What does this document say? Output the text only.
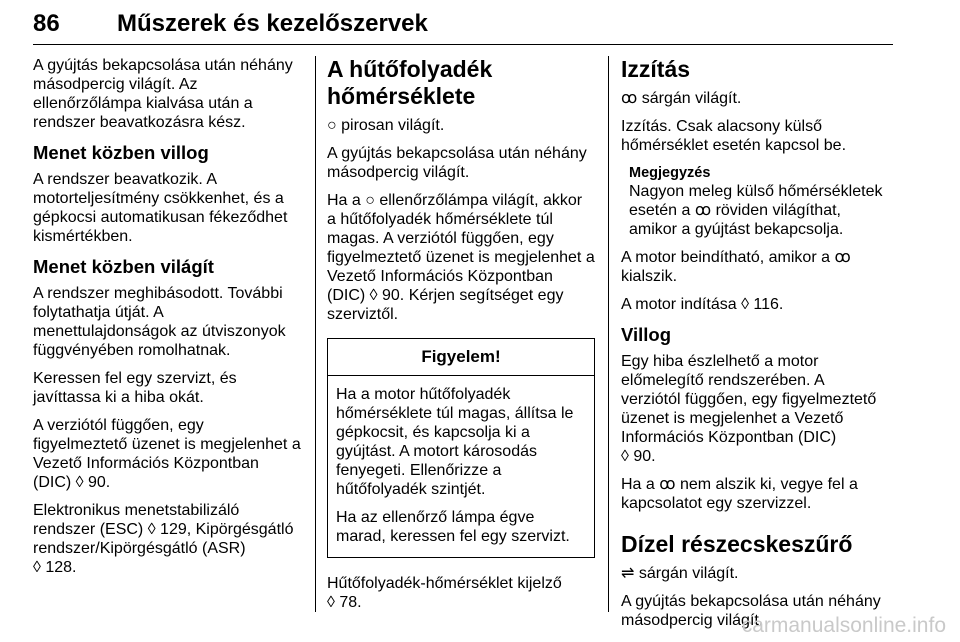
86 Műszerek és kezelőszervek

A gyújtás bekapcsolása után néhány
másodpercig világít. Az
ellenőrzőlámpa kialvása után a
rendszer beavatkozásra kész.

Menet közben villog

A rendszer beavatkozik. A
motorteljesítmény csökkenhet, és a
gépkocsi automatikusan fékeződhet
kismértékben.

Menet közben világít

A rendszer meghibásodott. További
folytathatja útját. A
menettulajdonságok az útviszonyok
függvényében romolhatnak.

Keressen fel egy szervizt, és
javíttassa ki a hiba okát.

A verziótól függően, egy
figyelmeztető üzenet is megjelenhet a
Vezető Információs Központban
(DIC) ◊ 90.

Elektronikus menetstabilizáló
rendszer (ESC) ◊ 129, Kipörgésgátló
rendszer/Kipörgésgátló (ASR)
◊ 128.

A hűtőfolyadék
hőmérséklete

○ pirosan világít.

A gyújtás bekapcsolása után néhány
másodpercig világít.

Ha a ○ ellenőrzőlámpa világít, akkor
a hűtőfolyadék hőmérséklete túl
magas. A verziótól függően, egy
figyelmeztető üzenet is megjelenhet a
Vezető Információs Központban
(DIC) ◊ 90. Kérjen segítséget egy
szerviztől.

Figyelem!

Ha a motor hűtőfolyadék
hőmérséklete túl magas, állítsa le
gépkocsit, és kapcsolja ki a
gyújtást. A motort károsodás
fenyegeti. Ellenőrizze a
hűtőfolyadék szintjét.

Ha az ellenőrző lámpa égve
marad, keressen fel egy szervizt.

Hűtőfolyadék-hőmérséklet kijelző
◊ 78.

Izzítás

ꝏ sárgán világít.

Izzítás. Csak alacsony külső
hőmérséklet esetén kapcsol be.

Megjegyzés

Nagyon meleg külső hőmérsékletek
esetén a ꝏ röviden világíthat,
amikor a gyújtást bekapcsolja.

A motor beindítható, amikor a ꝏ
kialszik.

A motor indítása ◊ 116.

Villog

Egy hiba észlelhető a motor
előmelegítő rendszerében. A
verziótól függően, egy figyelmeztető
üzenet is megjelenhet a Vezető
Információs Központban (DIC)
◊ 90.

Ha a ꝏ nem alszik ki, vegye fel a
kapcsolatot egy szervizzel.

Dízel részecskeszűrő

⇌ sárgán világít.

A gyújtás bekapcsolása után néhány
másodpercig világít.

carmanualsonline.info
